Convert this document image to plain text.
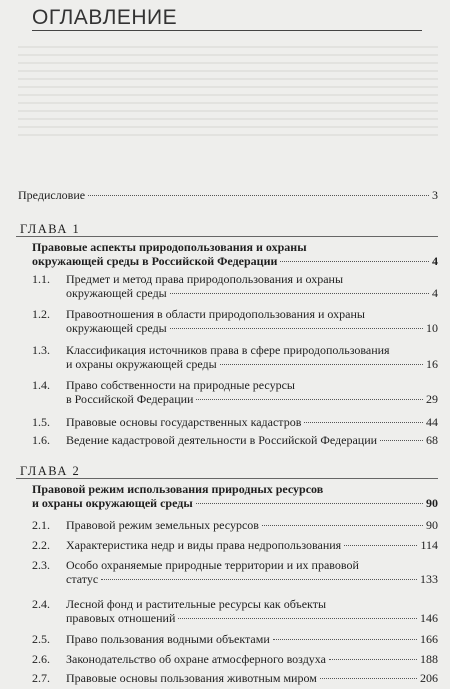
ОГЛАВЛЕНИЕ
Предисловие	3
ГЛАВА 1
Правовые аспекты природопользования и охраны
окружающей среды в Российской Федерации	4
1.1.	Предмет и метод права природопользования и охраны
окружающей среды	4
1.2.	Правоотношения в области природопользования и охраны
окружающей среды	10
1.3.	Классификация источников права в сфере природопользования
и охраны окружающей среды	16
1.4.	Право собственности на природные ресурсы
в Российской Федерации	29
1.5.	Правовые основы государственных кадастров	44
1.6.	Ведение кадастровой деятельности в Российской Федерации	68
ГЛАВА 2
Правовой режим использования природных ресурсов
и охраны окружающей среды	90
2.1.	Правовой режим земельных ресурсов	90
2.2.	Характеристика недр и виды права недропользования	114
2.3.	Особо охраняемые природные территории и их правовой
статус	133
2.4.	Лесной фонд и растительные ресурсы как объекты
правовых отношений	146
2.5.	Право пользования водными объектами	166
2.6.	Законодательство об охране атмосферного воздуха	188
2.7.	Правовые основы пользования животным миром	206
